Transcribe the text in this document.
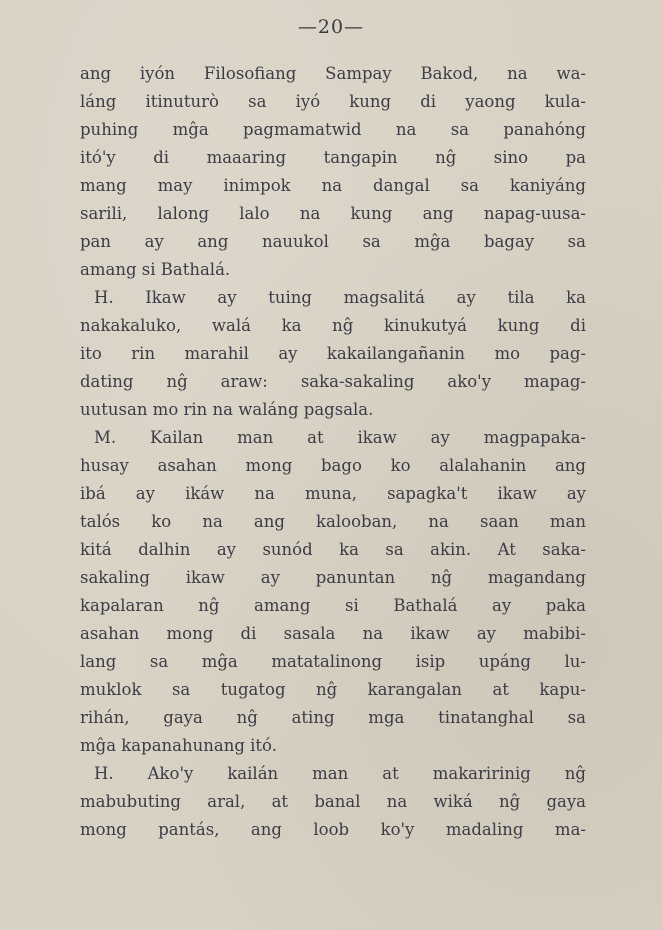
—20—
ang iyón Filosofiang Sampay Bakod, na wa-
láng itinuturò sa iyó kung di yaong kula-
puhing mĝa pagmamatwid na sa panahóng
itó'y di maaaring tangapin nĝ sino pa
mang may inimpok na dangal sa kaniyáng
sarili, lalong lalo na kung ang napag-uusa-
pan ay ang nauukol sa mĝa bagay sa
amang si Bathalá.
H. Ikaw ay tuing magsalitá ay tila ka
nakakaluko, walá ka nĝ kinukutyá kung di
ito rin marahil ay kakailangañanin mo pag-
dating nĝ araw: saka-sakaling ako'y mapag-
uutusan mo rin na waláng pagsala.
M. Kailan man at ikaw ay magpapaka-
husay asahan mong bago ko alalahanin ang
ibá ay ikáw na muna, sapagka't ikaw ay
talós ko na ang kalooban, na saan man
kitá dalhin ay sunód ka sa akin. At saka-
sakaling ikaw ay panuntan nĝ magandang
kapalaran nĝ amang si Bathalá ay paka
asahan mong di sasala na ikaw ay mabibi-
lang sa mĝa matatalinong isip upáng lu-
muklok sa tugatog nĝ karangalan at kapu-
rihán, gaya nĝ ating mga tinatanghal sa
mĝa kapanahunang itó.
H. Ako'y kailán man at makaririnig nĝ
mabubuting aral, at banal na wiká nĝ gaya
mong pantás, ang loob ko'y madaling ma-
